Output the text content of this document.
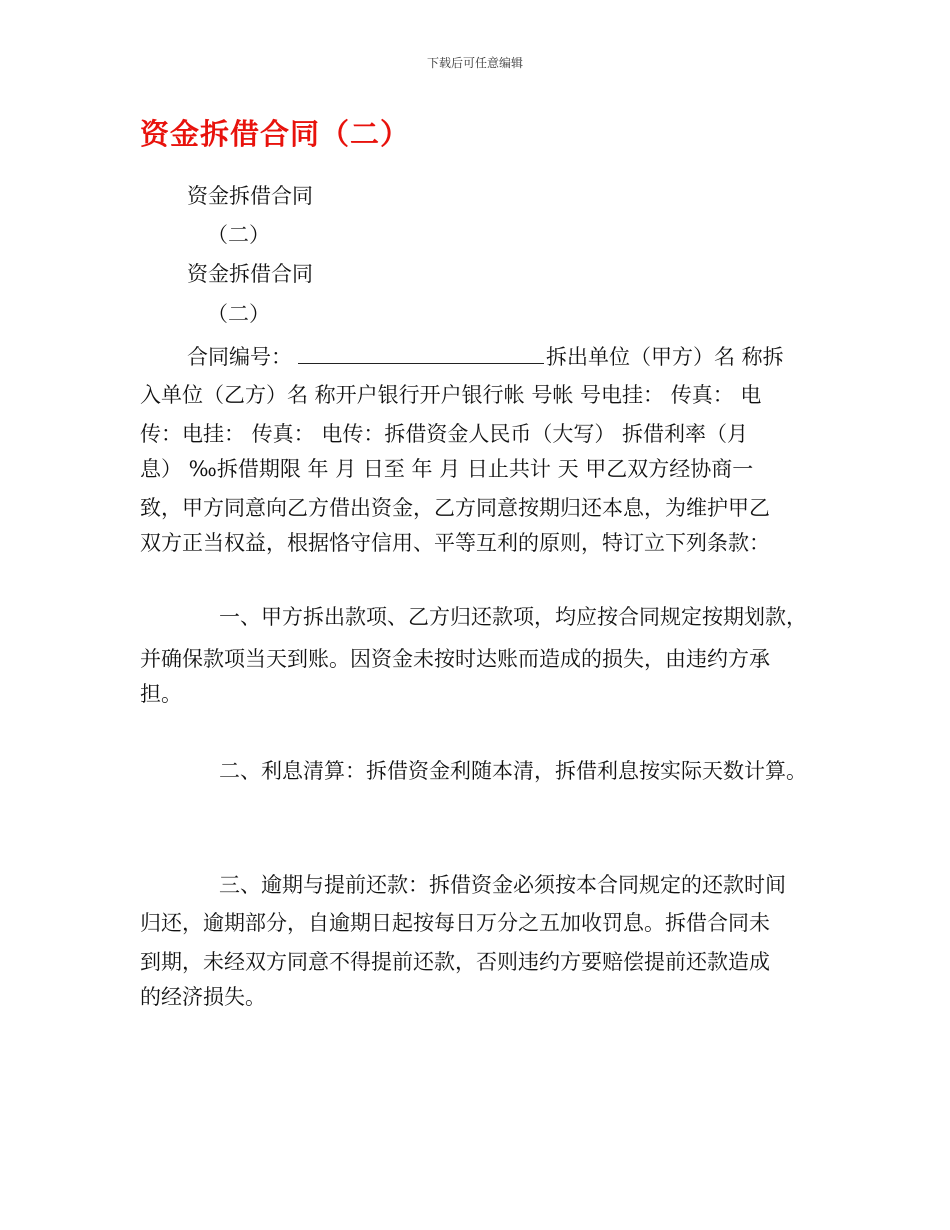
下载后可任意编辑
资金拆借合同（二）
资金拆借合同
（二）
资金拆借合同
（二）
合同编号：	拆出单位（甲方）名 称拆
入单位（乙方）名 称开户银行开户银行帐 号帐 号电挂： 传真： 电
传：电挂： 传真： 电传：拆借资金人民币（大写） 拆借利率（月
息） ‰拆借期限 年 月 日至 年 月 日止共计 天 甲乙双方经协商一
致，甲方同意向乙方借出资金，乙方同意按期归还本息，为维护甲乙
双方正当权益，根据恪守信用、平等互利的原则，特订立下列条款：
一、甲方拆出款项、乙方归还款项，均应按合同规定按期划款，
并确保款项当天到账。因资金未按时达账而造成的损失，由违约方承
担。
二、利息清算：拆借资金利随本清，拆借利息按实际天数计算。
三、逾期与提前还款：拆借资金必须按本合同规定的还款时间
归还，逾期部分，自逾期日起按每日万分之五加收罚息。拆借合同未
到期，未经双方同意不得提前还款，否则违约方要赔偿提前还款造成
的经济损失。
